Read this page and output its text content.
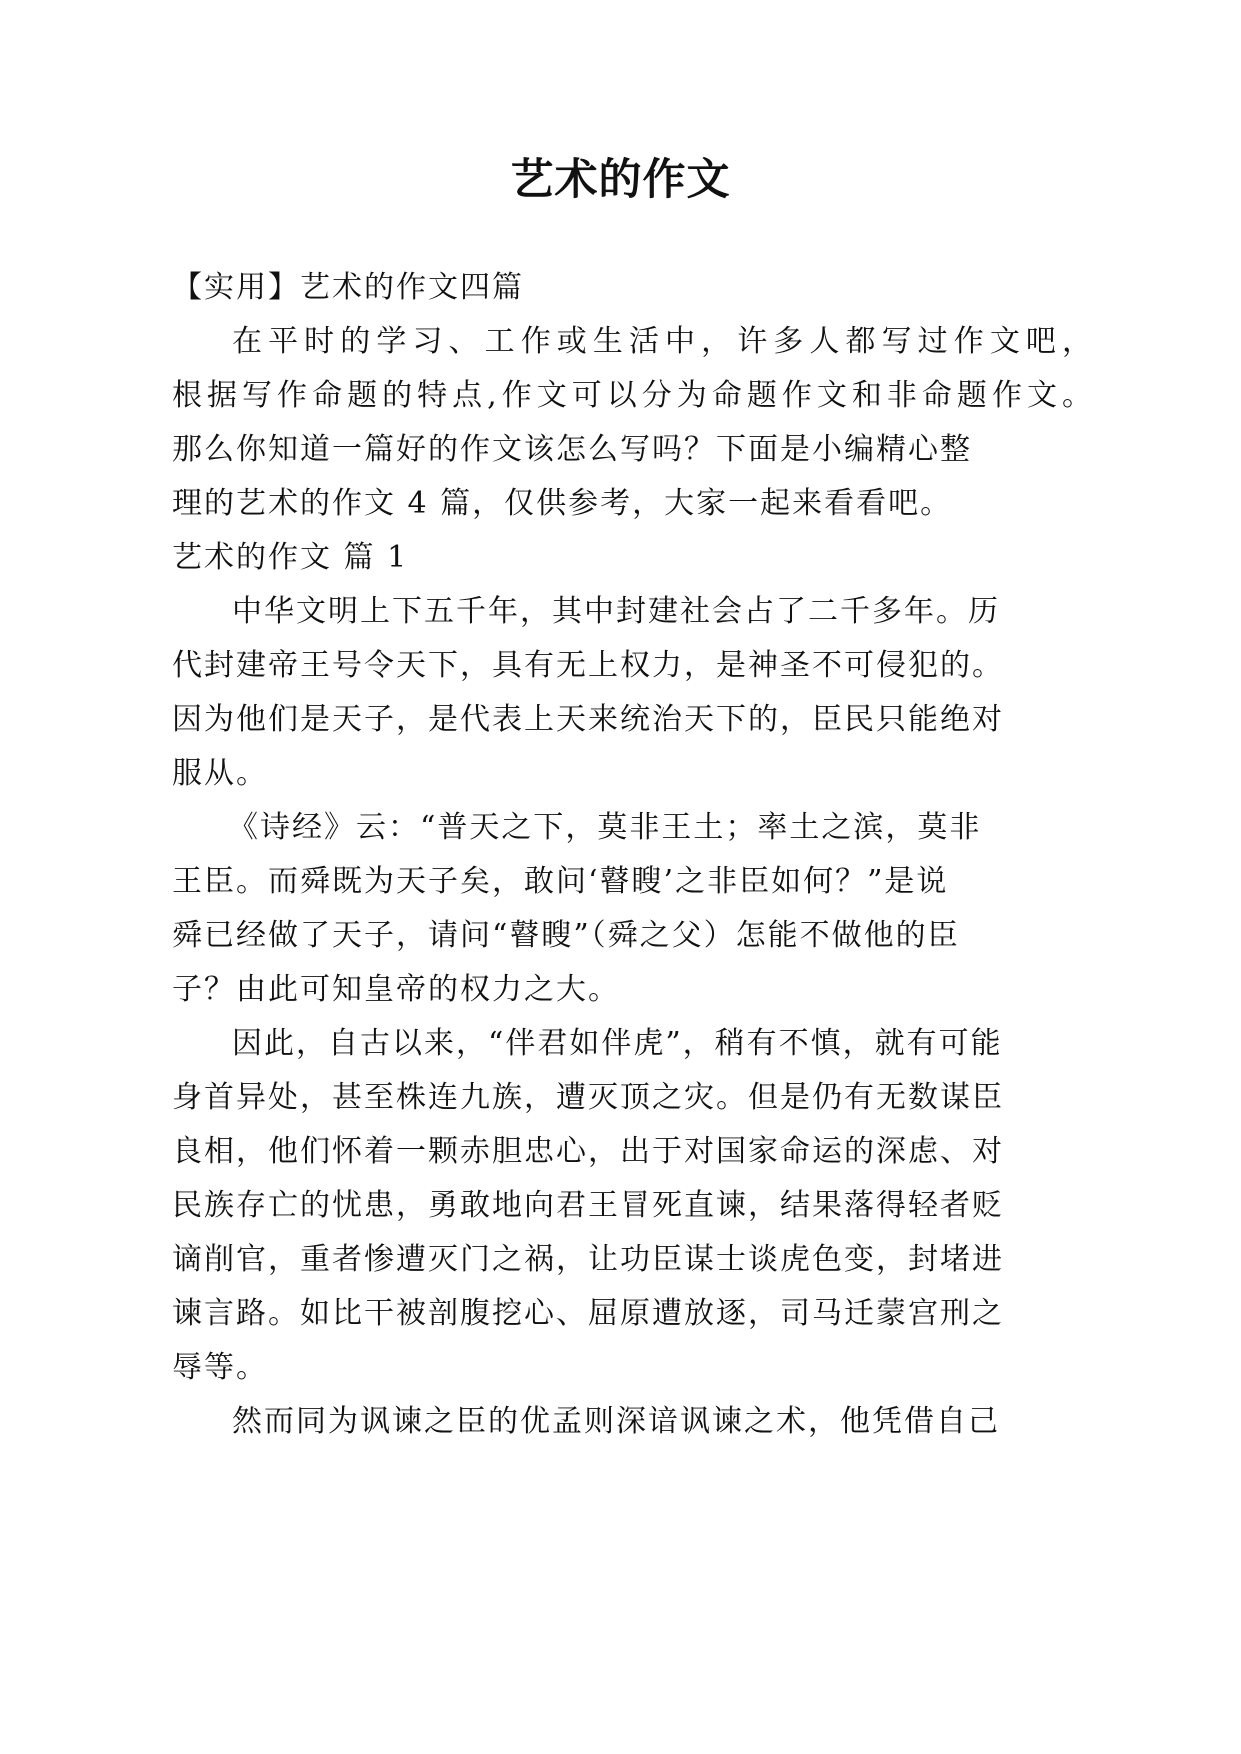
艺术的作文
【实用】艺术的作文四篇
在平时的学习、工作或生活中，许多人都写过作文吧，
根据写作命题的特点,作文可以分为命题作文和非命题作文。
那么你知道一篇好的作文该怎么写吗？下面是小编精心整
理的艺术的作文 4 篇，仅供参考，大家一起来看看吧。
艺术的作文 篇 1
中华文明上下五千年，其中封建社会占了二千多年。历
代封建帝王号令天下，具有无上权力，是神圣不可侵犯的。
因为他们是天子，是代表上天来统治天下的，臣民只能绝对
服从。
《诗经》云：“普天之下，莫非王土；率土之滨，莫非
王臣。而舜既为天子矣，敢问‘瞽瞍’之非臣如何？”是说
舜已经做了天子，请问“瞽瞍”（舜之父）怎能不做他的臣
子？由此可知皇帝的权力之大。
因此，自古以来，“伴君如伴虎”，稍有不慎，就有可能
身首异处，甚至株连九族，遭灭顶之灾。但是仍有无数谋臣
良相，他们怀着一颗赤胆忠心，出于对国家命运的深虑、对
民族存亡的忧患，勇敢地向君王冒死直谏，结果落得轻者贬
谪削官，重者惨遭灭门之祸，让功臣谋士谈虎色变，封堵进
谏言路。如比干被剖腹挖心、屈原遭放逐，司马迁蒙宫刑之
辱等。
然而同为讽谏之臣的优孟则深谙讽谏之术，他凭借自己
